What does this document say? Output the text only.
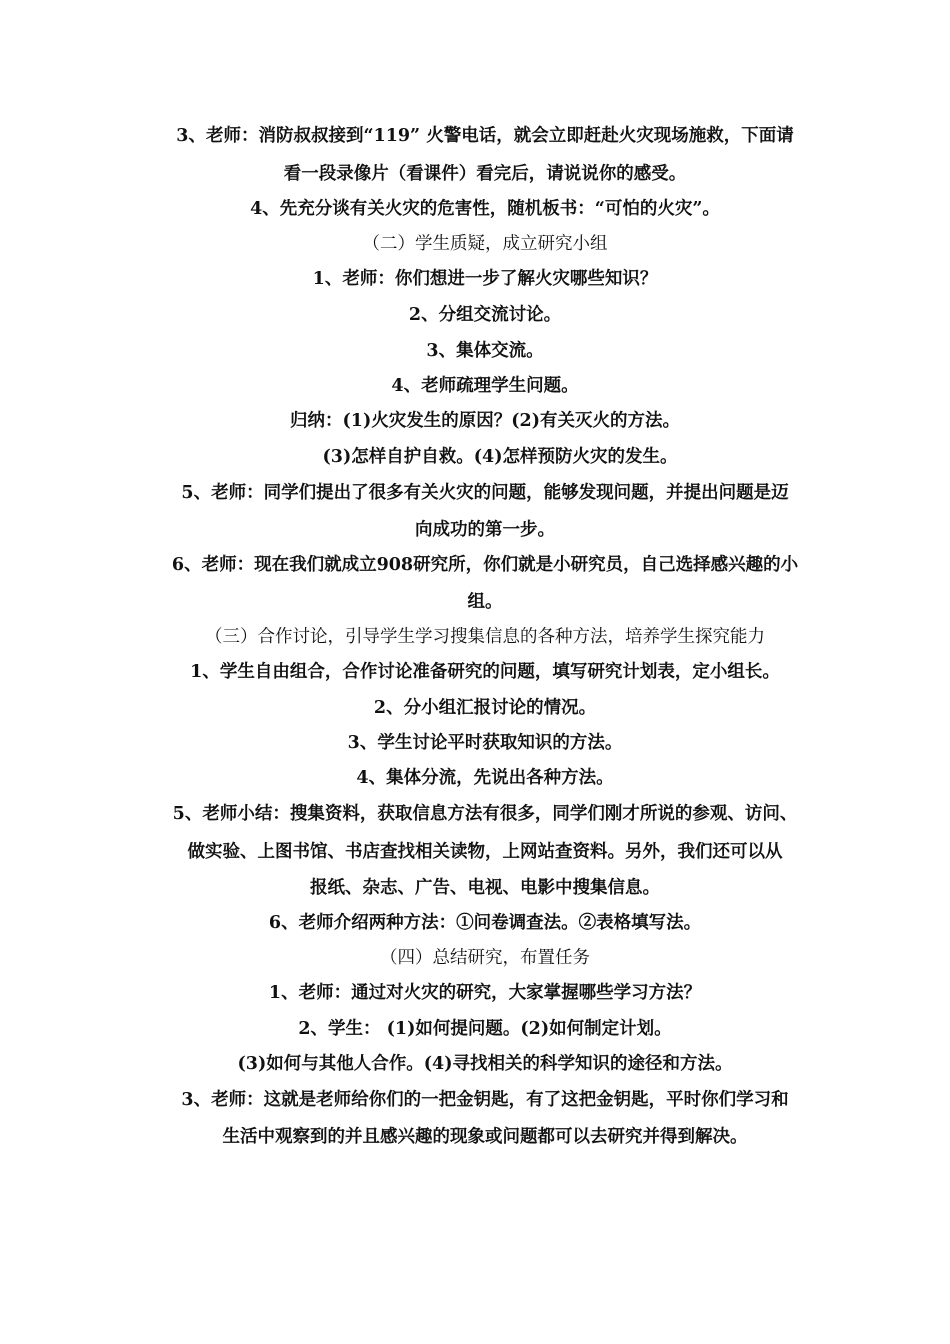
3、老师：消防叔叔接到“119” 火警电话，就会立即赶赴火灾现场施救，下面请
看一段录像片（看课件）看完后，请说说你的感受。
4、先充分谈有关火灾的危害性，随机板书：“可怕的火灾”。
（二）学生质疑，成立研究小组
1、老师：你们想进一步了解火灾哪些知识？
2、分组交流讨论。
3、集体交流。
4、老师疏理学生问题。
归纳：(1)火灾发生的原因？(2)有关灭火的方法。
(3)怎样自护自救。(4)怎样预防火灾的发生。
5、老师：同学们提出了很多有关火灾的问题，能够发现问题，并提出问题是迈
向成功的第一步。
6、老师：现在我们就成立908研究所，你们就是小研究员，自己选择感兴趣的小
组。
（三）合作讨论，引导学生学习搜集信息的各种方法，培养学生探究能力
1、学生自由组合，合作讨论准备研究的问题，填写研究计划表，定小组长。
2、分小组汇报讨论的情况。
3、学生讨论平时获取知识的方法。
4、集体分流，先说出各种方法。
5、老师小结：搜集资料，获取信息方法有很多，同学们刚才所说的参观、访问、
做实验、上图书馆、书店查找相关读物，上网站查资料。另外，我们还可以从
报纸、杂志、广告、电视、电影中搜集信息。
6、老师介绍两种方法：①问卷调查法。②表格填写法。
（四）总结研究，布置任务
1、老师：通过对火灾的研究，大家掌握哪些学习方法？
2、学生： (1)如何提问题。(2)如何制定计划。
(3)如何与其他人合作。(4)寻找相关的科学知识的途径和方法。
3、老师：这就是老师给你们的一把金钥匙，有了这把金钥匙，平时你们学习和
生活中观察到的并且感兴趣的现象或问题都可以去研究并得到解决。
